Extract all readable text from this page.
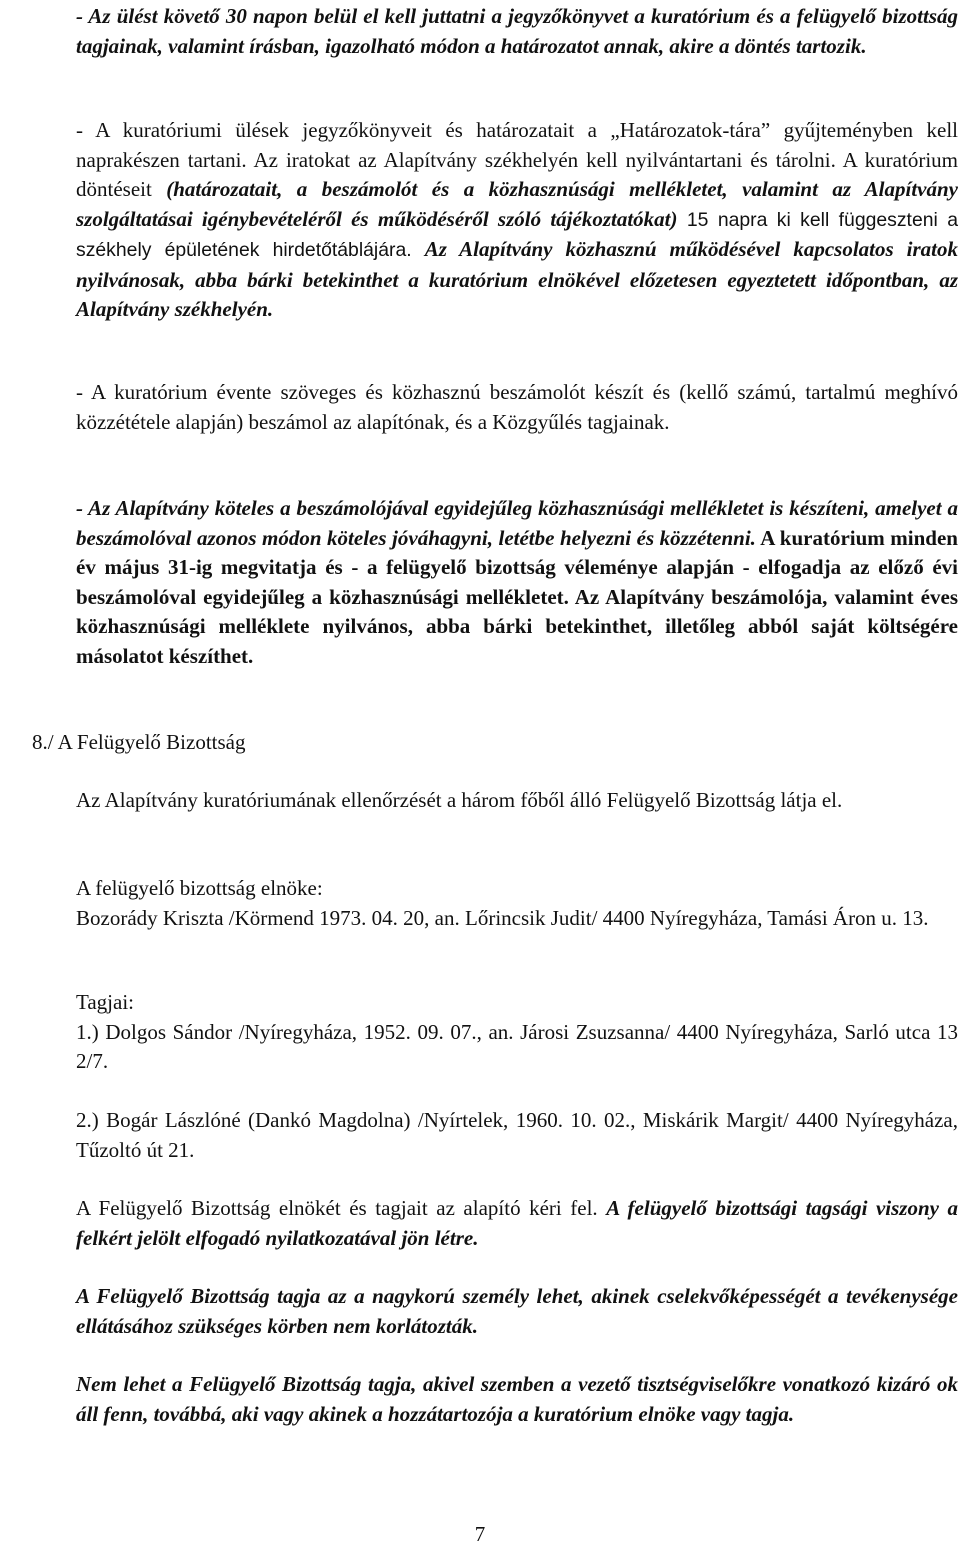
- Az ülést követő 30 napon belül el kell juttatni a jegyzőkönyvet a kuratórium és a felügyelő bizottság tagjainak, valamint írásban, igazolható módon a határozatot annak, akire a döntés tartozik.

- A kuratóriumi ülések jegyzőkönyveit és határozatait a „Határozatok-tára” gyűjteményben kell naprakészen tartani. Az iratokat az Alapítvány székhelyén kell nyilvántartani és tárolni. A kuratórium döntéseit (határozatait, a beszámolót és a közhasznúsági mellékletet, valamint az Alapítvány szolgáltatásai igénybevételéről és működéséről szóló tájékoztatókat) 15 napra ki kell függeszteni a székhely épületének hirdetőtáblájára. Az Alapítvány közhasznú működésével kapcsolatos iratok nyilvánosak, abba bárki betekinthet a kuratórium elnökével előzetesen egyeztetett időpontban, az Alapítvány székhelyén.

- A kuratórium évente szöveges és közhasznú beszámolót készít és (kellő számú, tartalmú meghívó közzététele alapján) beszámol az alapítónak, és a Közgyűlés tagjainak.

- Az Alapítvány köteles a beszámolójával egyidejűleg közhasznúsági mellékletet is készíteni, amelyet a beszámolóval azonos módon köteles jóváhagyni, letétbe helyezni és közzétenni. A kuratórium minden év május 31-ig megvitatja és - a felügyelő bizottság véleménye alapján - elfogadja az előző évi beszámolóval egyidejűleg a közhasznúsági mellékletet. Az Alapítvány beszámolója, valamint éves közhasznúsági melléklete nyilvános, abba bárki betekinthet, illetőleg abból saját költségére másolatot készíthet.

8./ A Felügyelő Bizottság

Az Alapítvány kuratóriumának ellenőrzését a három főből álló Felügyelő Bizottság látja el.

A felügyelő bizottság elnöke:
Bozorády Kriszta /Körmend 1973. 04. 20, an. Lőrincsik Judit/ 4400 Nyíregyháza, Tamási Áron u. 13.

Tagjai:
1.) Dolgos Sándor /Nyíregyháza, 1952. 09. 07., an. Járosi Zsuzsanna/ 4400 Nyíregyháza, Sarló utca 13 2/7.

2.) Bogár Lászlóné (Dankó Magdolna) /Nyírtelek, 1960. 10. 02., Miskárik Margit/ 4400 Nyíregyháza, Tűzoltó út 21.

A Felügyelő Bizottság elnökét és tagjait az alapító kéri fel. A felügyelő bizottsági tagsági viszony a felkért jelölt elfogadó nyilatkozatával jön létre.

A Felügyelő Bizottság tagja az a nagykorú személy lehet, akinek cselekvőképességét a tevékenysége ellátásához szükséges körben nem korlátozták.

Nem lehet a Felügyelő Bizottság tagja, akivel szemben a vezető tisztségviselőkre vonatkozó kizáró ok áll fenn, továbbá, aki vagy akinek a hozzátartozója a kuratórium elnöke vagy tagja.

7
